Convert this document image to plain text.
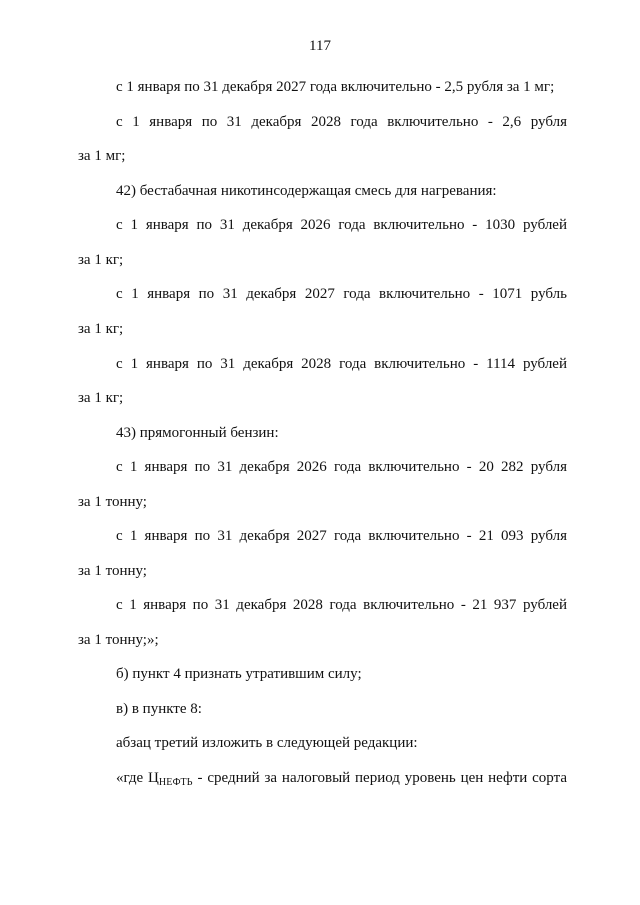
117
с 1 января по 31 декабря 2027 года включительно - 2,5 рубля за 1 мг;
с 1 января по 31 декабря 2028 года включительно - 2,6 рубля
за 1 мг;
42) бестабачная никотинсодержащая смесь для нагревания:
с 1 января по 31 декабря 2026 года включительно - 1030 рублей
за 1 кг;
с 1 января по 31 декабря 2027 года включительно - 1071 рубль
за 1 кг;
с 1 января по 31 декабря 2028 года включительно - 1114 рублей
за 1 кг;
43) прямогонный бензин:
с 1 января по 31 декабря 2026 года включительно - 20 282 рубля
за 1 тонну;
с 1 января по 31 декабря 2027 года включительно - 21 093 рубля
за 1 тонну;
с 1 января по 31 декабря 2028 года включительно - 21 937 рублей
за 1 тонну;»;
б) пункт 4 признать утратившим силу;
в) в пункте 8:
абзац третий изложить в следующей редакции:
«где $Ц_{НЕФТЬ}$ - средний за налоговый период уровень цен нефти сорта
